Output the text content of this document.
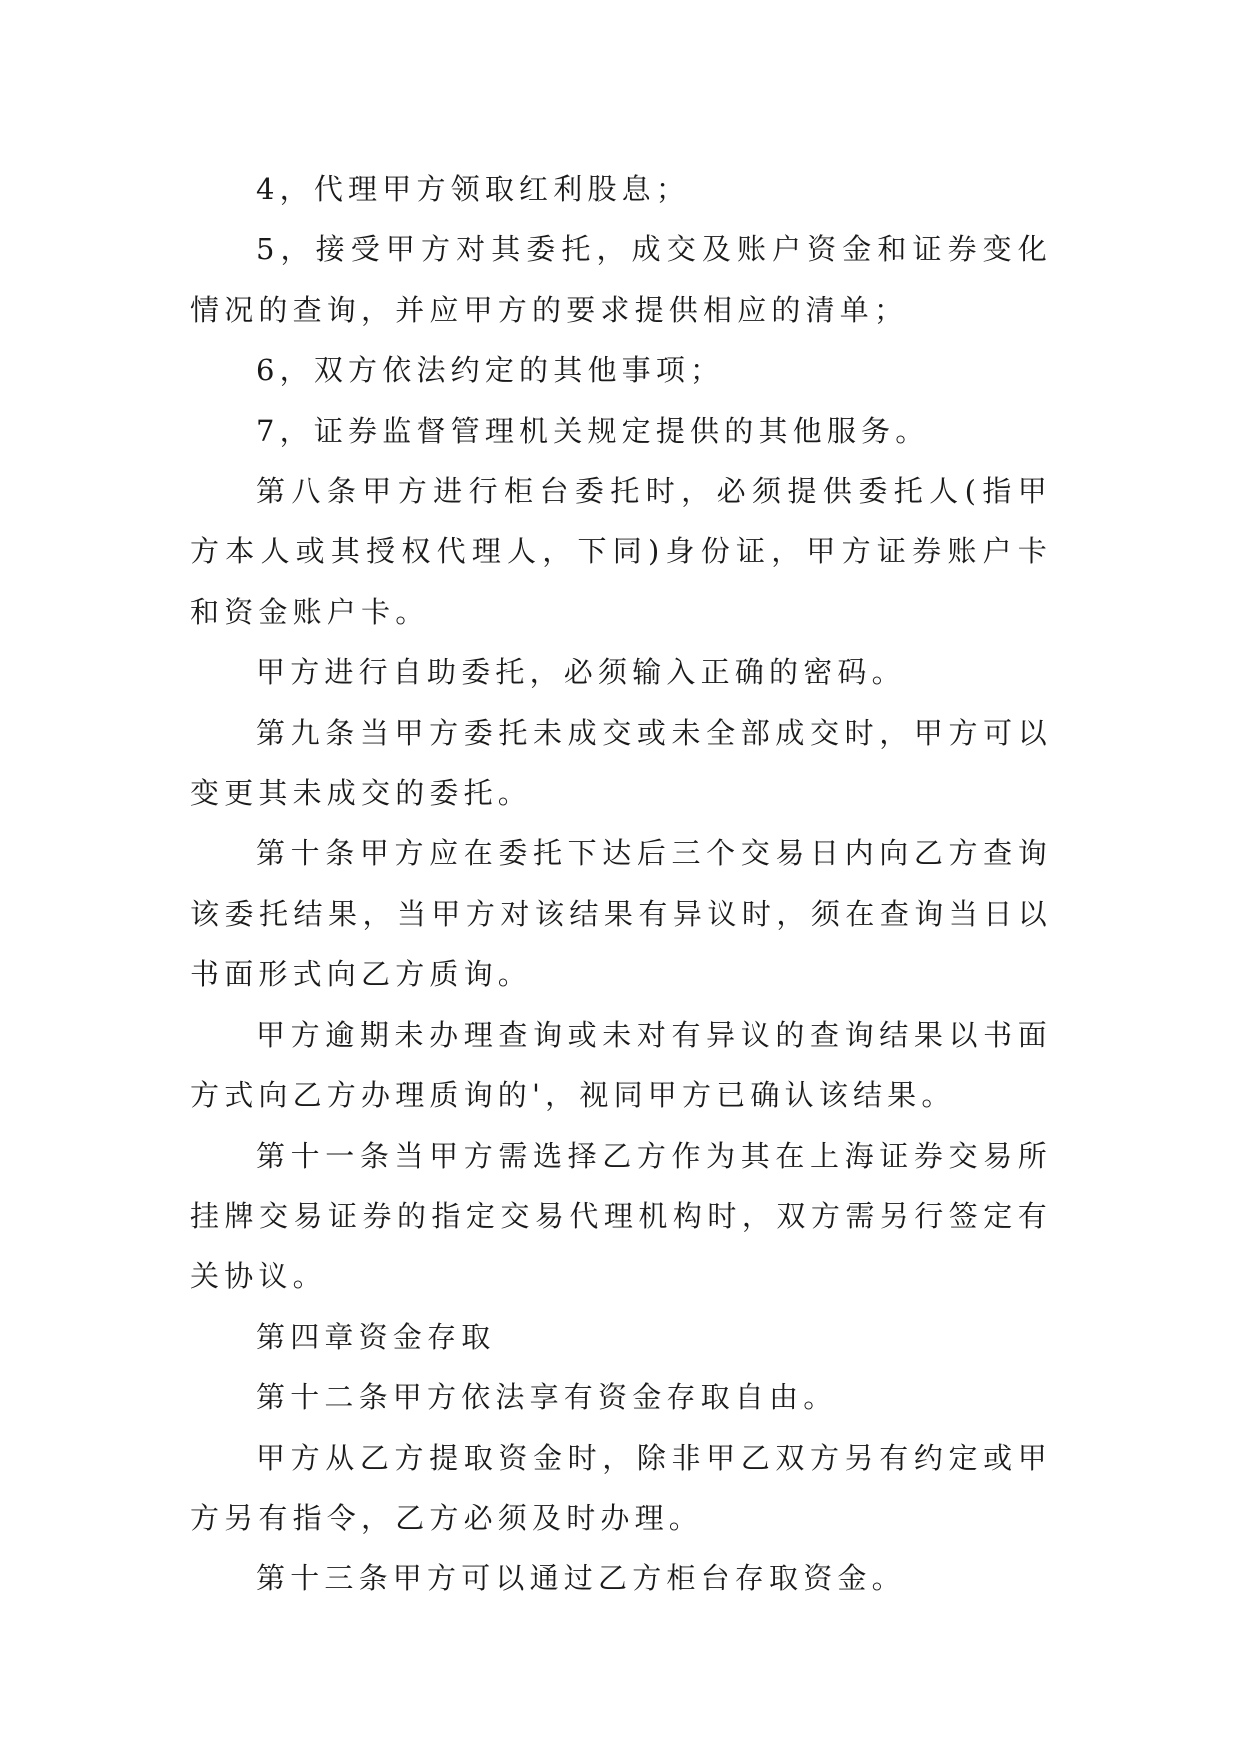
4，代理甲方领取红利股息；

5，接受甲方对其委托，成交及账户资金和证券变化情况的查询，并应甲方的要求提供相应的清单；

6，双方依法约定的其他事项；

7，证券监督管理机关规定提供的其他服务。

第八条甲方进行柜台委托时，必须提供委托人(指甲方本人或其授权代理人，下同)身份证，甲方证券账户卡和资金账户卡。

甲方进行自助委托，必须输入正确的密码。

第九条当甲方委托未成交或未全部成交时，甲方可以变更其未成交的委托。

第十条甲方应在委托下达后三个交易日内向乙方查询该委托结果，当甲方对该结果有异议时，须在查询当日以书面形式向乙方质询。

甲方逾期未办理查询或未对有异议的查询结果以书面方式向乙方办理质询的'，视同甲方已确认该结果。

第十一条当甲方需选择乙方作为其在上海证券交易所挂牌交易证券的指定交易代理机构时，双方需另行签定有关协议。

第四章资金存取

第十二条甲方依法享有资金存取自由。

甲方从乙方提取资金时，除非甲乙双方另有约定或甲方另有指令，乙方必须及时办理。

第十三条甲方可以通过乙方柜台存取资金。
